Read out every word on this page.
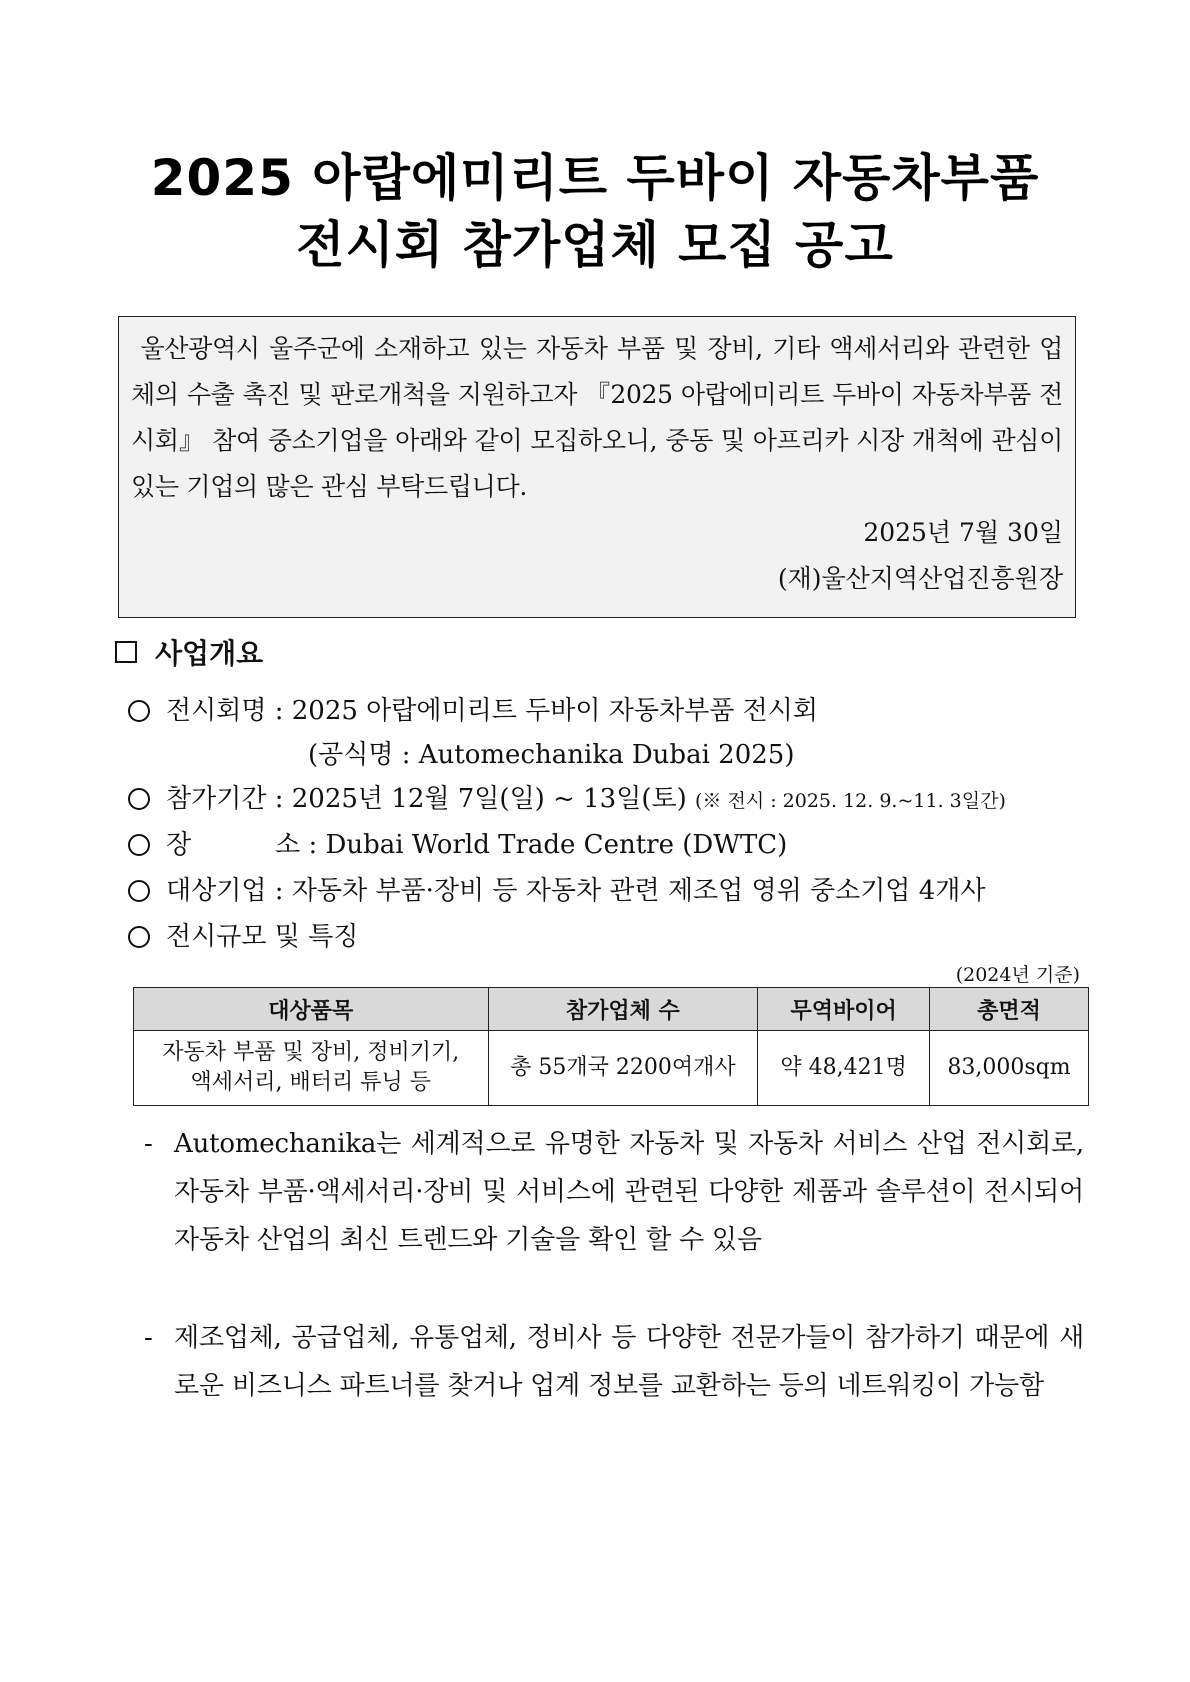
2025 아랍에미리트 두바이 자동차부품
전시회 참가업체 모집 공고
울산광역시 울주군에 소재하고 있는 자동차 부품 및 장비, 기타 액세서리와 관련한 업체의 수출 촉진 및 판로개척을 지원하고자 『2025 아랍에미리트 두바이 자동차부품 전시회』 참여 중소기업을 아래와 같이 모집하오니, 중동 및 아프리카 시장 개척에 관심이 있는 기업의 많은 관심 부탁드립니다.
2025년 7월 30일
(재)울산지역산업진흥원장
사업개요
전시회명 : 2025 아랍에미리트 두바이 자동차부품 전시회
(공식명 : Automechanika Dubai 2025)
참가기간 : 2025년 12월 7일(일) ~ 13일(토) (※ 전시 : 2025. 12. 9.~11. 3일간)
장	소 : Dubai World Trade Centre (DWTC)
대상기업 : 자동차 부품·장비 등 자동차 관련 제조업 영위 중소기업 4개사
전시규모 및 특징
(2024년 기준)
대상품목	참가업체 수	무역바이어	총면적

자동차 부품 및 장비, 정비기기,
액세서리, 배터리 튜닝 등	총 55개국 2200여개사	약 48,421명	83,000sqm
- Automechanika는 세계적으로 유명한 자동차 및 자동차 서비스 산업 전시회로, 자동차 부품·액세서리·장비 및 서비스에 관련된 다양한 제품과 솔루션이 전시되어 자동차 산업의 최신 트렌드와 기술을 확인 할 수 있음
- 제조업체, 공급업체, 유통업체, 정비사 등 다양한 전문가들이 참가하기 때문에 새로운 비즈니스 파트너를 찾거나 업계 정보를 교환하는 등의 네트워킹이 가능함
